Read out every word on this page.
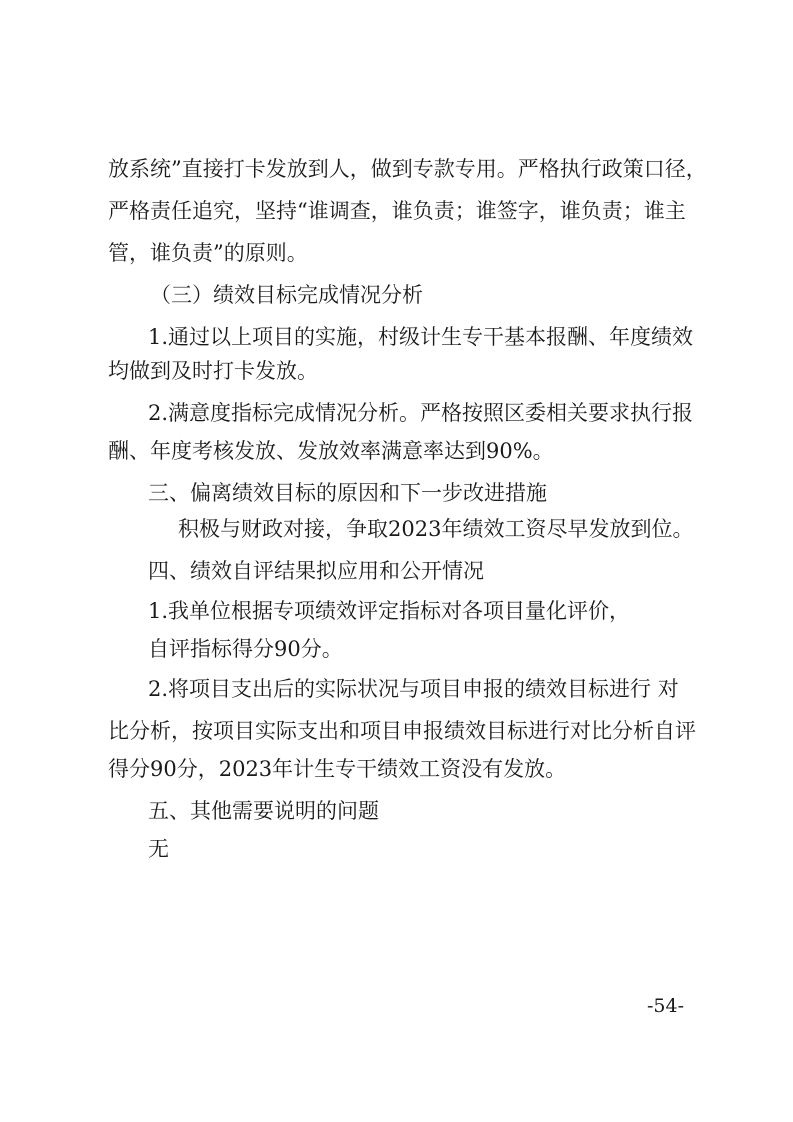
放系统”直接打卡发放到人，做到专款专用。严格执行政策口径，
严格责任追究，坚持“谁调查，谁负责；谁签字，谁负责；谁主
管，谁负责”的原则。
（三）绩效目标完成情况分析
1.通过以上项目的实施，村级计生专干基本报酬、年度绩效
均做到及时打卡发放。
2.满意度指标完成情况分析。严格按照区委相关要求执行报
酬、年度考核发放、发放效率满意率达到90%。
三、偏离绩效目标的原因和下一步改进措施
积极与财政对接，争取2023年绩效工资尽早发放到位。
四、绩效自评结果拟应用和公开情况
1.我单位根据专项绩效评定指标对各项目量化评价，
自评指标得分90分。
2.将项目支出后的实际状况与项目申报的绩效目标进行 对
比分析，按项目实际支出和项目申报绩效目标进行对比分析自评
得分90分，2023年计生专干绩效工资没有发放。
五、其他需要说明的问题
无
-54-
